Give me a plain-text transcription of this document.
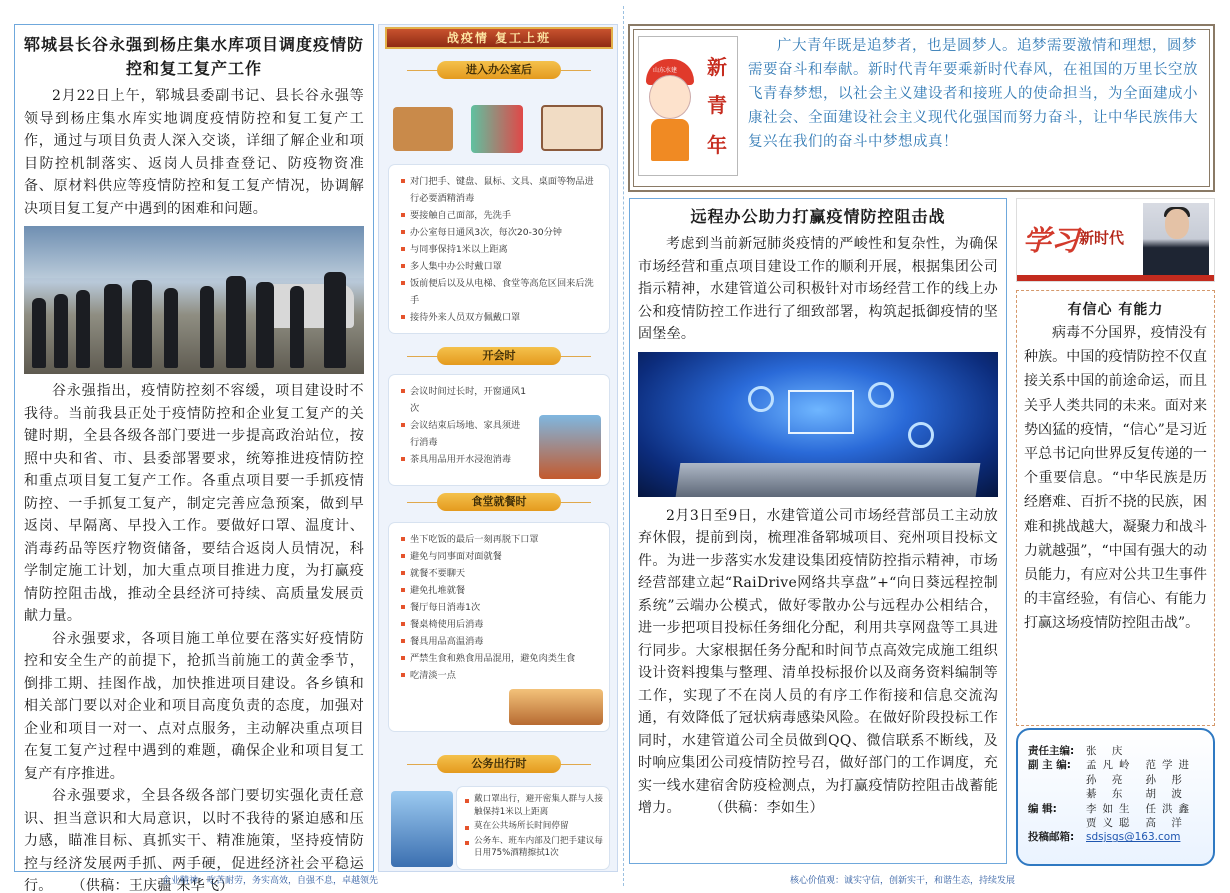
郓城县长谷永强到杨庄集水库项目调度疫情防控和复工复产工作

2月22日上午，郓城县委副书记、县长谷永强等领导到杨庄集水库实地调度疫情防控和复工复产工作，通过与项目负责人深入交谈，详细了解企业和项目防控机制落实、返岗人员排查登记、防疫物资准备、原材料供应等疫情防控和复工复产情况，协调解决项目复工复产中遇到的困难和问题。

谷永强指出，疫情防控刻不容缓，项目建设时不我待。当前我县正处于疫情防控和企业复工复产的关键时期，全县各级各部门要进一步提高政治站位，按照中央和省、市、县委部署要求，统筹推进疫情防控和重点项目复工复产工作。各重点项目要一手抓疫情防控、一手抓复工复产，制定完善应急预案，做到早返岗、早隔离、早投入工作。要做好口罩、温度计、消毒药品等医疗物资储备，要结合返岗人员情况，科学制定施工计划，加大重点项目推进力度，为打赢疫情防控阻击战，推动全县经济可持续、高质量发展贡献力量。

谷永强要求，各项目施工单位要在落实好疫情防控和安全生产的前提下，抢抓当前施工的黄金季节，倒排工期、挂图作战，加快推进项目建设。各乡镇和相关部门要以对企业和项目高度负责的态度，加强对企业和项目一对一、点对点服务，主动解决重点项目在复工复产过程中遇到的难题，确保企业和项目复工复产有序推进。

谷永强要求，全县各级各部门要切实强化责任意识、担当意识和大局意识，以时不我待的紧迫感和压力感，瞄准目标、真抓实干、精准施策，坚持疫情防控与经济发展两手抓、两手硬，促进经济社会平稳运行。 （供稿：王庆疆 朱华飞）

战疫情 复工上班
进入办公室后
对门把手、键盘、鼠标、文具、桌面等物品进行必要酒精消毒
要接触自己面部，先洗手
办公室每日通风3次，每次20-30分钟
与同事保持1米以上距离
多人集中办公时戴口罩
饭前便后以及从电梯、食堂等高危区回来后洗手
接待外来人员双方佩戴口罩
开会时
会议时间过长时，开窗通风1次
会议结束后场地、家具须进行消毒
茶具用品用开水浸泡消毒
食堂就餐时
坐下吃饭的最后一刻再脱下口罩
避免与同事面对面就餐
就餐不要聊天
避免扎堆就餐
餐厅每日消毒1次
餐桌椅使用后消毒
餐具用品高温消毒
严禁生食和熟食用品混用，避免肉类生食
吃清淡一点
公务出行时
戴口罩出行，避开密集人群与人接触保持1米以上距离
莫在公共场所长时间停留
公务车、班车内部及门把手建议每日用75%酒精擦拭1次
山东水建 新
青
年

广大青年既是追梦者，也是圆梦人。追梦需要激情和理想，圆梦需要奋斗和奉献。新时代青年要乘新时代春风，在祖国的万里长空放飞青春梦想，以社会主义建设者和接班人的使命担当，为全面建成小康社会、全面建设社会主义现代化强国而努力奋斗，让中华民族伟大复兴在我们的奋斗中梦想成真！

远程办公助力打赢疫情防控阻击战

考虑到当前新冠肺炎疫情的严峻性和复杂性，为确保市场经营和重点项目建设工作的顺利开展，根据集团公司指示精神，水建管道公司积极针对市场经营工作的线上办公和疫情防控工作进行了细致部署，构筑起抵御疫情的坚固堡垒。

2月3日至9日，水建管道公司市场经营部员工主动放弃休假，提前到岗，梳理准备郓城项目、兖州项目投标文件。为进一步落实水发建设集团疫情防控指示精神，市场经营部建立起“RaiDrive网络共享盘”+“向日葵远程控制系统”云端办公模式，做好零散办公与远程办公相结合，进一步把项目投标任务细化分配，利用共享网盘等工具进行同步。大家根据任务分配和时间节点高效完成施工组织设计资料搜集与整理、清单投标报价以及商务资料编制等工作，实现了不在岗人员的有序工作衔接和信息交流沟通，有效降低了冠状病毒感染风险。在做好阶段投标工作同时，水建管道公司全员做到QQ、微信联系不断线，及时响应集团公司疫情防控号召，做好部门的工作调度，充实一线水建宿舍防疫检测点，为打赢疫情防控阻击战蓄能增力。 （供稿：李如生）

学习 新时代
有信心 有能力

病毒不分国界，疫情没有种族。中国的疫情防控不仅直接关系中国的前途命运，而且关乎人类共同的未来。面对来势凶猛的疫情，“信心”是习近平总书记向世界反复传递的一个重要信息。“中华民族是历经磨难、百折不挠的民族，困难和挑战越大，凝聚力和战斗力就越强”，“中国有强大的动员能力，有应对公共卫生事件的丰富经验，有信心、有能力打赢这场疫情防控阻击战”。

责任主编:	张 庆
副 主 编:	孟凡岭 范学进
孙 亮	孙 彤
綦 东	胡 波
编 辑:	李如生 任洪鑫
贾义聪 高 洋
投稿邮箱:	sdsjsgs@163.com
企业精神：吃苦耐劳，务实高效，自强不息，卓越领先	核心价值观：诚实守信，创新实干，和谐生态，持续发展
